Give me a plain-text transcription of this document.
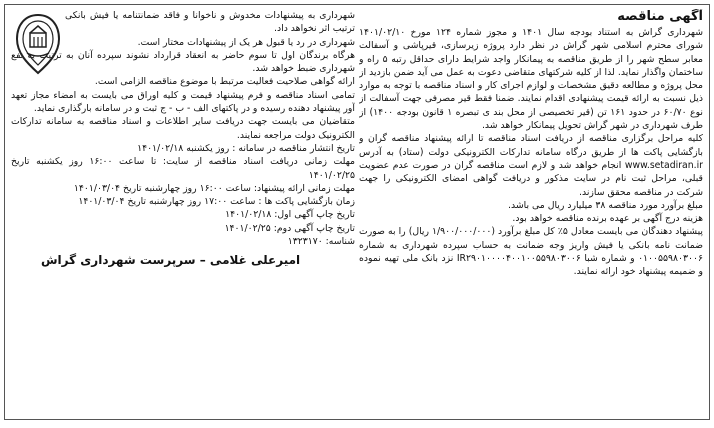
آگهی مناقصه

شهرداری گراش به استناد بودجه سال ۱۴۰۱ و مجوز شماره ۱۲۴ مورخ ۱۴۰۱/۰۲/۱۰ شورای محترم اسلامی شهر گراش در نظر دارد پروژه زیرسازی، قیرپاشی و آسفالت معابر سطح شهر را از طریق مناقصه به پیمانکار واجد شرایط دارای حداقل رتبه ۵ راه و ساختمان واگذار نماید. لذا از کلیه شرکتهای متقاضی دعوت به عمل می آید ضمن بازدید از محل پروژه و مطالعه دقیق مشخصات و لوازم اجرای کار و اسناد مناقصه با توجه به موارد ذیل نسبت به ارائه قیمت پیشنهادی اقدام نمایند. ضمنا فقط قیر مصرفی جهت آسفالت از نوع ۶۰/۷۰ در حدود ۱۶۱ تن (قیر تخصیصی از محل بند ی تبصره ۱ قانون بودجه ۱۴۰۰) از طرف شهرداری در شهر گراش تحویل پیمانکار خواهد شد.

کلیه مراحل برگزاری مناقصه از دریافت اسناد مناقصه تا ارائه پیشنهاد مناقصه گران و بازگشایی پاکت ها از طریق درگاه سامانه تدارکات الکترونیکی دولت (ستاد) به آدرس www.setadiran.ir انجام خواهد شد و لازم است مناقصه گران در صورت عدم عضویت قبلی، مراحل ثبت نام در سایت مذکور و دریافت گواهی امضای الکترونیکی را جهت شرکت در مناقصه محقق سازند.

مبلغ برآورد مورد مناقصه ۳۸ میلیارد ریال می باشد.

هزینه درج آگهی بر عهده برنده مناقصه خواهد بود.

پیشنهاد دهندگان می بایست معادل ۵٪ کل مبلغ برآورد (۱/۹۰۰/۰۰۰/۰۰۰ ریال) را به صورت ضمانت نامه بانکی یا فیش واریز وجه ضمانت به حساب سپرده شهرداری به شماره ۰۱۰۰۵۵۹۸۰۳۰۰۶ و شماره شبا IR۲۹۰۱۰۰۰۰۴۰۰۱۰۰۵۵۹۸۰۳۰۰۶ نزد بانک ملی تهیه نموده و ضمیمه پیشنهاد خود ارائه نمایند.

شهرداری به پیشنهادات مخدوش و ناخوانا و فاقد ضمانتنامه یا فیش بانکی ترتیب اثر نخواهد داد.

شهرداری در رد یا قبول هر یک از پیشنهادات مختار است.

هرگاه برندگان اول تا سوم حاضر به انعقاد قرارداد نشوند سپرده آنان به ترتیب به نفع شهرداری ضبط خواهد شد.

ارائه گواهی صلاحیت فعالیت مرتبط با موضوع مناقصه الزامی است.

تمامی اسناد مناقصه و فرم پیشنهاد قیمت و کلیه اوراق می بایست به امضاء مجاز تعهد آور پیشنهاد دهنده رسیده و در پاکتهای الف - ب - ج ثبت و در سامانه بارگذاری نماید.

متقاضیان می بایست جهت دریافت سایر اطلاعات و اسناد مناقصه به سامانه تدارکات الکترونیک دولت مراجعه نمایند.

تاریخ انتشار مناقصه در سامانه : روز یکشنبه ۱۴۰۱/۰۲/۱۸

مهلت زمانی دریافت اسناد مناقصه از سایت: تا ساعت ۱۶:۰۰ روز یکشنبه تاریخ ۱۴۰۱/۰۲/۲۵

مهلت زمانی ارائه پیشنهاد: ساعت ۱۶:۰۰ روز چهارشنبه تاریخ ۱۴۰۱/۰۳/۰۴

زمان بازگشایی پاکت ها : ساعت ۱۷:۰۰ روز چهارشنبه تاریخ ۱۴۰۱/۰۳/۰۴

تاریخ چاپ آگهی اول: ۱۴۰۱/۰۲/۱۸

تاریخ چاپ آگهی دوم: ۱۴۰۱/۰۲/۲۵

شناسه: ۱۳۲۳۱۷۰

امیرعلی غلامی – سرپرست شهرداری گراش
